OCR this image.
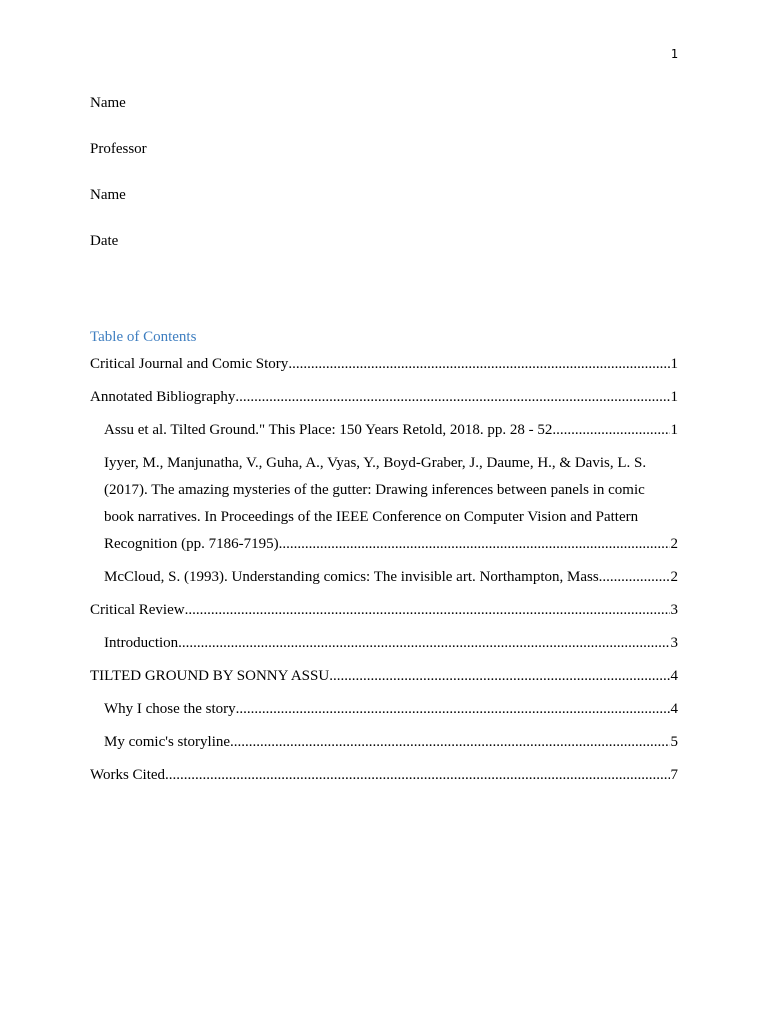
1
Name
Professor
Name
Date
Table of Contents
Critical Journal and Comic Story .....	1
Annotated Bibliography .....	1
Assu et al. Tilted Ground." This Place: 150 Years Retold, 2018. pp. 28 - 52 .....	1
Iyyer, M., Manjunatha, V., Guha, A., Vyas, Y., Boyd-Graber, J., Daume, H., & Davis, L. S.
(2017). The amazing mysteries of the gutter: Drawing inferences between panels in comic
book narratives. In Proceedings of the IEEE Conference on Computer Vision and Pattern
Recognition (pp. 7186-7195) .....	2
McCloud, S. (1993). Understanding comics: The invisible art. Northampton, Mass .....	2
Critical Review .....	3
Introduction .....	3
TILTED GROUND BY SONNY ASSU .....	4
Why I chose the story .....	4
My comic's storyline .....	5
Works Cited .....	7
